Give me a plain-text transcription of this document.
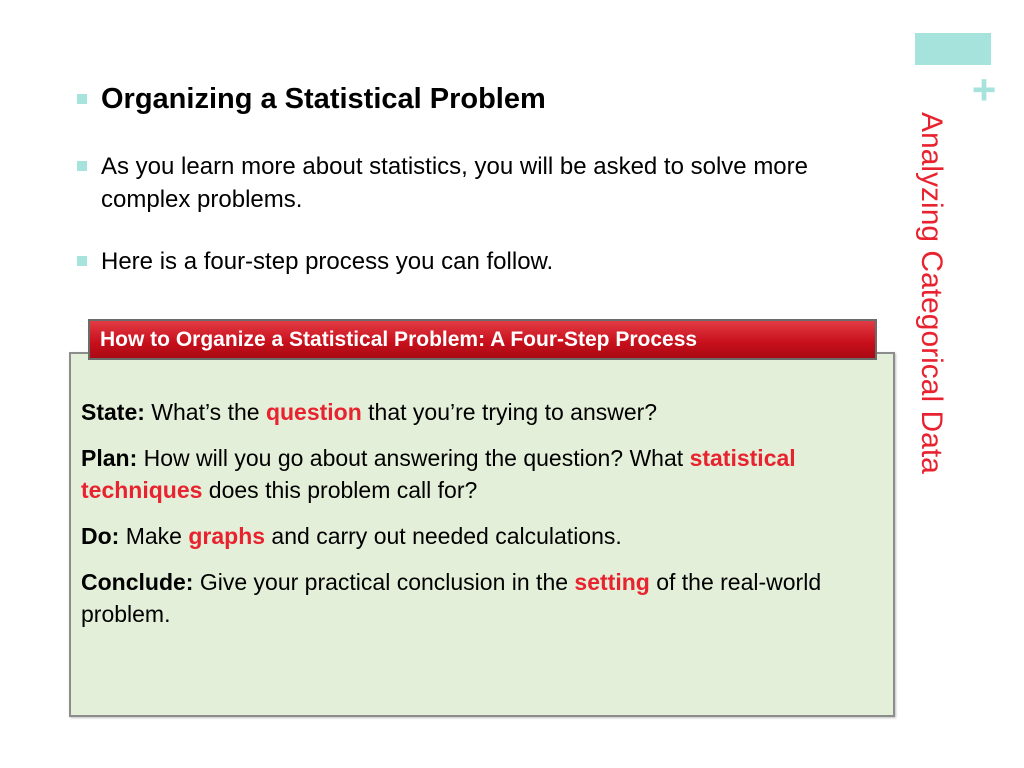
+
Analyzing Categorical Data
Organizing a Statistical Problem
As you learn more about statistics, you will be asked to solve more complex problems.
Here is a four-step process you can follow.
How to Organize a Statistical Problem: A Four-Step Process
State: What’s the question that you’re trying to answer?
Plan: How will you go about answering the question? What statistical techniques does this problem call for?
Do: Make graphs and carry out needed calculations.
Conclude: Give your practical conclusion in the setting of the real-world problem.
